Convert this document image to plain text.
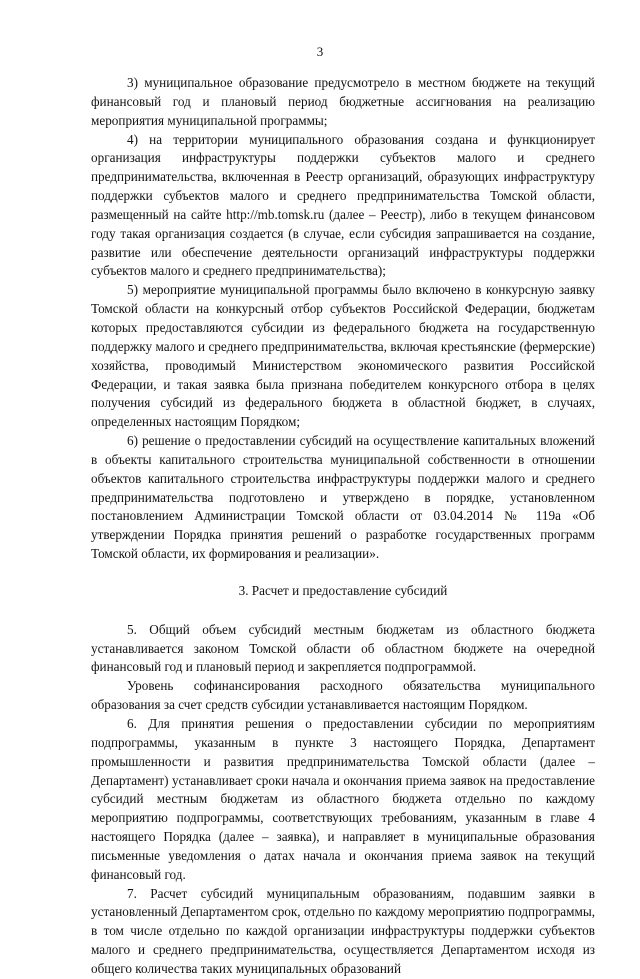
3

3) муниципальное образование предусмотрело в местном бюджете на текущий финансовый год и плановый период бюджетные ассигнования на реализацию мероприятия муниципальной программы;

4) на территории муниципального образования создана и функционирует организация инфраструктуры поддержки субъектов малого и среднего предпринимательства, включенная в Реестр организаций, образующих инфраструктуру поддержки субъектов малого и среднего предпринимательства Томской области, размещенный на сайте http://mb.tomsk.ru (далее – Реестр), либо в текущем финансовом году такая организация создается (в случае, если субсидия запрашивается на создание, развитие или обеспечение деятельности организаций инфраструктуры поддержки субъектов малого и среднего предпринимательства);

5) мероприятие муниципальной программы было включено в конкурсную заявку Томской области на конкурсный отбор субъектов Российской Федерации, бюджетам которых предоставляются субсидии из федерального бюджета на государственную поддержку малого и среднего предпринимательства, включая крестьянские (фермерские) хозяйства, проводимый Министерством экономического развития Российской Федерации, и такая заявка была признана победителем конкурсного отбора в целях получения субсидий из федерального бюджета в областной бюджет, в случаях, определенных настоящим Порядком;

6) решение о предоставлении субсидий на осуществление капитальных вложений в объекты капитального строительства муниципальной собственности в отношении объектов капитального строительства инфраструктуры поддержки малого и среднего предпринимательства подготовлено и утверждено в порядке, установленном постановлением Администрации Томской области от 03.04.2014 № 119а «Об утверждении Порядка принятия решений о разработке государственных программ Томской области, их формирования и реализации».

3. Расчет и предоставление субсидий

5. Общий объем субсидий местным бюджетам из областного бюджета устанавливается законом Томской области об областном бюджете на очередной финансовый год и плановый период и закрепляется подпрограммой.

Уровень софинансирования расходного обязательства муниципального образования за счет средств субсидии устанавливается настоящим Порядком.

6. Для принятия решения о предоставлении субсидии по мероприятиям подпрограммы, указанным в пункте 3 настоящего Порядка, Департамент промышленности и развития предпринимательства Томской области (далее – Департамент) устанавливает сроки начала и окончания приема заявок на предоставление субсидий местным бюджетам из областного бюджета отдельно по каждому мероприятию подпрограммы, соответствующих требованиям, указанным в главе 4 настоящего Порядка (далее – заявка), и направляет в муниципальные образования письменные уведомления о датах начала и окончания приема заявок на текущий финансовый год.

7. Расчет субсидий муниципальным образованиям, подавшим заявки в установленный Департаментом срок, отдельно по каждому мероприятию подпрограммы, в том числе отдельно по каждой организации инфраструктуры поддержки субъектов малого и среднего предпринимательства, осуществляется Департаментом исходя из общего количества таких муниципальных образований
